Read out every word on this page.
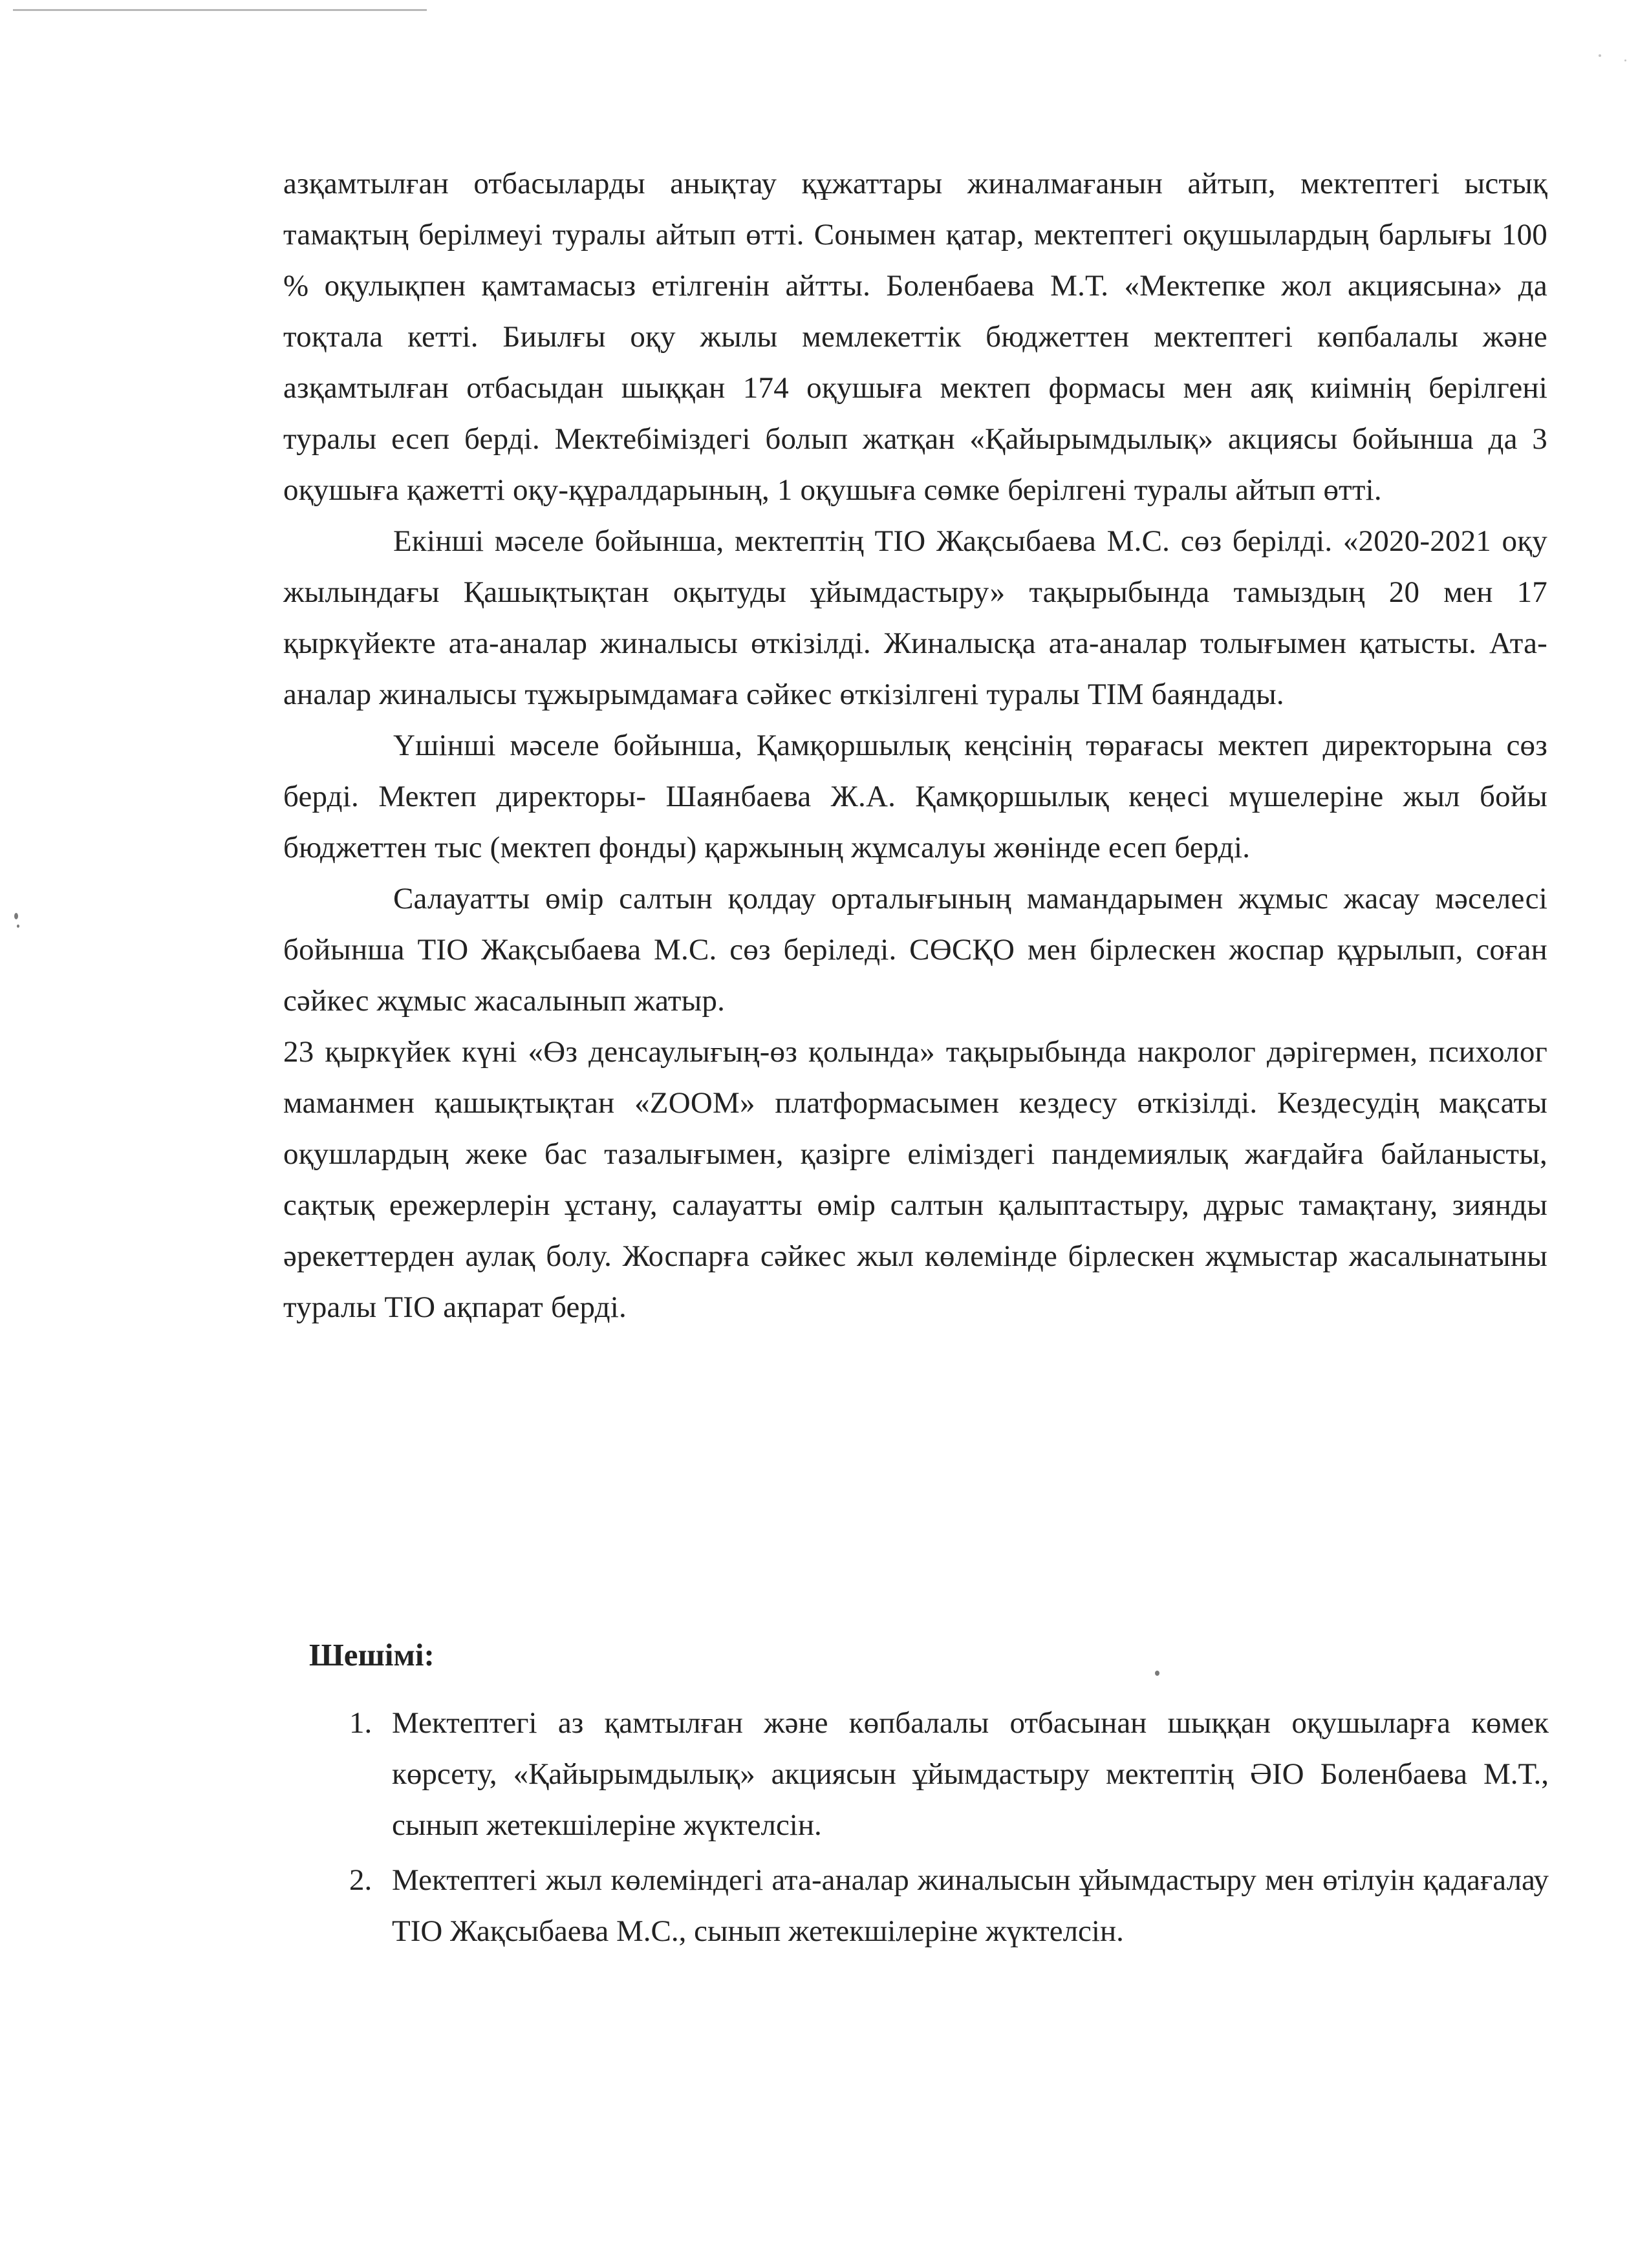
азқамтылған отбасыларды анықтау құжаттары жиналмағанын айтып, мектептегі ыстық тамақтың берілмеуі туралы айтып өтті. Сонымен қатар, мектептегі оқушылардың барлығы 100 % оқулықпен қамтамасыз етілгенін айтты. Боленбаева М.Т. «Мектепке жол акциясына» да тоқтала кетті. Биылғы оқу жылы мемлекеттік бюджеттен мектептегі көпбалалы және азқамтылған отбасыдан шыққан 174 оқушыға мектеп формасы мен аяқ киімнің берілгені туралы есеп берді. Мектебіміздегі болып жатқан «Қайырымдылық» акциясы бойынша да 3 оқушыға қажетті оқу-құралдарының, 1 оқушыға сөмке берілгені туралы айтып өтті.

Екінші мәселе бойынша, мектептің ТІО Жақсыбаева М.С. сөз берілді. «2020-2021 оқу жылындағы Қашықтықтан оқытуды ұйымдастыру» тақырыбында тамыздың 20 мен 17 қыркүйекте ата-аналар жиналысы өткізілді. Жиналысқа ата-аналар толығымен қатысты. Ата-аналар жиналысы тұжырымдамаға сәйкес өткізілгені туралы ТІМ баяндады.

Үшінші мәселе бойынша, Қамқоршылық кеңсінің төрағасы мектеп директорына сөз берді. Мектеп директоры- Шаянбаева Ж.А. Қамқоршылық кеңесі мүшелеріне жыл бойы бюджеттен тыс (мектеп фонды) қаржының жұмсалуы жөнінде есеп берді.

Салауатты өмір салтын қолдау орталығының мамандарымен жұмыс жасау мәселесі бойынша ТІО Жақсыбаева М.С. сөз беріледі. СӨСҚО мен бірлескен жоспар құрылып, соған сәйкес жұмыс жасалынып жатыр.

23 қыркүйек күні «Өз денсаулығың-өз қолында» тақырыбында накролог дәрігермен, психолог маманмен қашықтықтан «ZOOM» платформасымен кездесу өткізілді. Кездесудің мақсаты оқушлардың жеке бас тазалығымен, қазірге еліміздегі пандемиялық жағдайға байланысты, сақтық ережерлерін ұстану, салауатты өмір салтын қалыптастыру, дұрыс тамақтану, зиянды әрекеттерден аулақ болу. Жоспарға сәйкес жыл көлемінде бірлескен жұмыстар жасалынатыны туралы ТІО ақпарат берді.

Шешімі:
1. Мектептегі аз қамтылған және көпбалалы отбасынан шыққан оқушыларға көмек көрсету, «Қайырымдылық» акциясын ұйымдастыру мектептің ӘІО Боленбаева М.Т., сынып жетекшілеріне жүктелсін.
2. Мектептегі жыл көлеміндегі ата-аналар жиналысын ұйымдастыру мен өтілуін қадағалау ТІО Жақсыбаева М.С., сынып жетекшілеріне жүктелсін.
